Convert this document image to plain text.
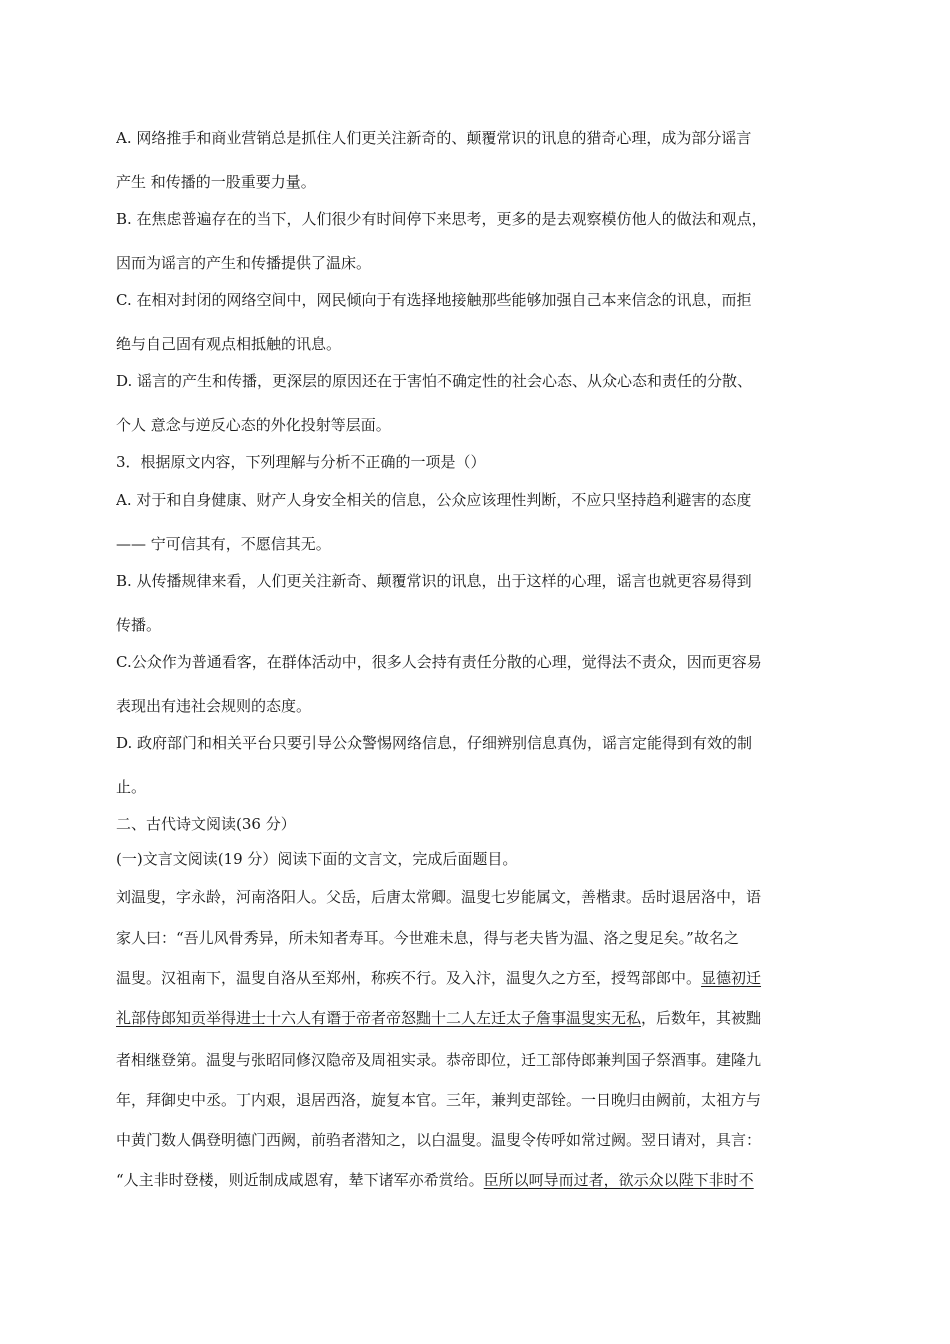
A. 网络推手和商业营销总是抓住人们更关注新奇的、颠覆常识的讯息的猎奇心理，成为部分谣言
产生 和传播的一股重要力量。
B. 在焦虑普遍存在的当下，人们很少有时间停下来思考，更多的是去观察模仿他人的做法和观点，
因而为谣言的产生和传播提供了温床。
C. 在相对封闭的网络空间中，网民倾向于有选择地接触那些能够加强自己本来信念的讯息，而拒
绝与自己固有观点相抵触的讯息。
D. 谣言的产生和传播，更深层的原因还在于害怕不确定性的社会心态、从众心态和责任的分散、
个人 意念与逆反心态的外化投射等层面。
3．根据原文内容，下列理解与分析不正确的一项是（）
A. 对于和自身健康、财产人身安全相关的信息，公众应该理性判断，不应只坚持趋利避害的态度
—— 宁可信其有，不愿信其无。
B. 从传播规律来看，人们更关注新奇、颠覆常识的讯息，出于这样的心理，谣言也就更容易得到
传播。
C.公众作为普通看客，在群体活动中，很多人会持有责任分散的心理，觉得法不责众，因而更容易
表现出有违社会规则的态度。
D. 政府部门和相关平台只要引导公众警惕网络信息，仔细辨别信息真伪，谣言定能得到有效的制
止。
二、古代诗文阅读(36 分）
(一)文言文阅读(19 分）阅读下面的文言文，完成后面题目。
刘温叟，字永龄，河南洛阳人。父岳，后唐太常卿。温叟七岁能属文，善楷隶。岳时退居洛中，语
家人曰：“吾儿风骨秀异，所未知者寿耳。今世难未息，得与老夫皆为温、洛之叟足矣。”故名之
温叟。汉祖南下，温叟自洛从至郑州，称疾不行。及入汴，温叟久之方至，授驾部郎中。显德初迁
礼部侍郎知贡举得进士十六人有谮于帝者帝怒黜十二人左迁太子詹事温叟实无私，后数年，其被黜
者相继登第。温叟与张昭同修汉隐帝及周祖实录。恭帝即位，迁工部侍郎兼判国子祭酒事。建隆九
年，拜御史中丞。丁内艰，退居西洛，旋复本官。三年，兼判吏部铨。一日晚归由阙前，太祖方与
中黄门数人偶登明德门西阙，前驺者潜知之，以白温叟。温叟令传呼如常过阙。翌日请对，具言：
“人主非时登楼，则近制成咸恩宥，辇下诸军亦希赏给。臣所以呵导而过者，欲示众以陛下非时不
